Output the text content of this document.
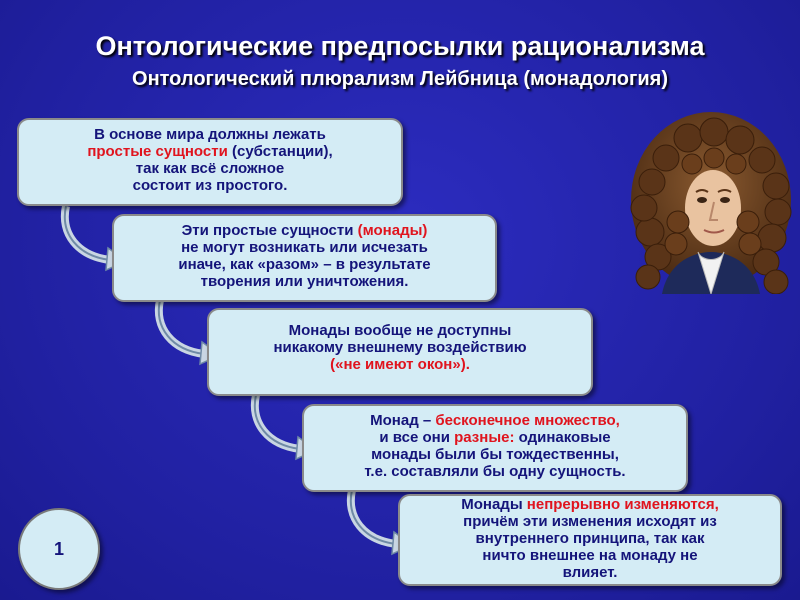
Онтологические предпосылки рационализма
Онтологический плюрализм Лейбница (монадология)
В основе мира должны лежать
простые сущности (субстанции),
так как всё сложное
состоит из простого.
Эти простые сущности (монады)
не могут возникать или исчезать
иначе, как «разом» – в результате
творения или уничтожения.
Монады вообще не доступны
никакому внешнему воздействию
(«не имеют окон»).
Монад – бесконечное множество,
и все они разные: одинаковые
монады были бы тождественны,
т.е. составляли бы одну сущность.
Монады непрерывно изменяются,
причём эти изменения исходят из
внутреннего принципа, так как
ничто внешнее на монаду не
влияет.
1
